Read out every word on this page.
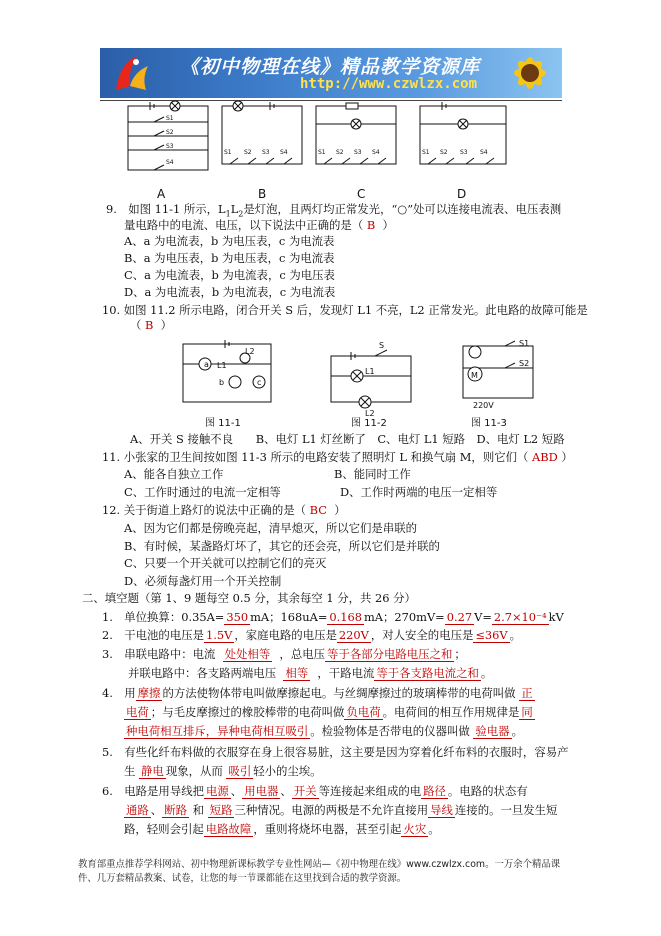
《初中物理在线》精品教学资源库
http://www.czwlzx.com
S1
S2
S3
S4
S1 S2 S3 S4	S1 S2 S3 S4	S1 S2 S3 S4
A	B	C	D
9.　如图 11-1 所示，$L_1L_2$是灯泡，且两灯均正常发光，“○”处可以连接电流表、电压表测
量电路中的电流、电压，以下说法中正确的是（ B ）
A、a 为电流表，b 为电压表，c 为电流表
B、a 为电压表，b 为电压表，c 为电流表
C、a 为电流表，b 为电流表，c 为电压表
D、a 为电流表，b 为电流表，c 为电流表
10. 如图 11.2 所示电路，闭合开关 S 后，发现灯 L1 不亮，L2 正常发光。此电路的故障可能是
（ B ）
L1
L2
a
b	c
S
L1
L2
M
S1
S2
220V
图 11-1	图 11-2	图 11-3
A、开关 S 接触不良　　B、电灯 L1 灯丝断了　C、电灯 L1 短路　D、电灯 L2 短路
11. 小张家的卫生间按如图 11-3 所示的电路安装了照明灯 L 和换气扇 M，则它们（ ABD ）
A、能各自独立工作	B、能同时工作
C、工作时通过的电流一定相等	D、工作时两端的电压一定相等
12. 关于街道上路灯的说法中正确的是（ BC ）
A、因为它们都是傍晚亮起，清早熄灭，所以它们是串联的
B、有时候，某盏路灯坏了，其它的还会亮，所以它们是并联的
C、只要一个开关就可以控制它们的亮灭
D、必须每盏灯用一个开关控制
二、填空题（第 1、9 题每空 0.5 分，其余每空 1 分，共 26 分）
1.　单位换算：0.35A= 350 mA；168uA= 0.168 mA；270mV= 0.27 V= 2.7×10⁻⁴ kV
2.　干电池的电压是 1.5V ，家庭电路的电压是 220V ，对人安全的电压是 ≤36V 。
3.　串联电路中：电流 处处相等 ，总电压 等于各部分电路电压之和 ；
并联电路中：各支路两端电压 相等 ，干路电流 等于各支路电流之和 。
4.　用 摩擦 的方法使物体带电叫做摩擦起电。与丝绸摩擦过的玻璃棒带的电荷叫做 正
电荷 ；与毛皮摩擦过的橡胶棒带的电荷叫做 负电荷 。电荷间的相互作用规律是 同
种电荷相互排斥，异种电荷相互吸引 。检验物体是否带电的仪器叫做 验电器 。
5.　有些化纤布料做的衣服穿在身上很容易脏，这主要是因为穿着化纤布料的衣服时，容易产
生 静电 现象，从而 吸引 轻小的尘埃。
6.　电路是用导线把 电源 、 用电器 、 开关 等连接起来组成的电 路径 。电路的状态有
通路 、 断路 和 短路 三种情况。电源的两极是不允许直接用 导线 连接的。一旦发生短
路，轻则会引起 电路故障 ，重则将烧坏电器，甚至引起 火灾 。
教育部重点推荐学科网站、初中物理新课标教学专业性网站—《初中物理在线》www.czwlzx.com。一万余个精品课
件、几万套精品教案、试卷，让您的每一节课都能在这里找到合适的教学资源。
